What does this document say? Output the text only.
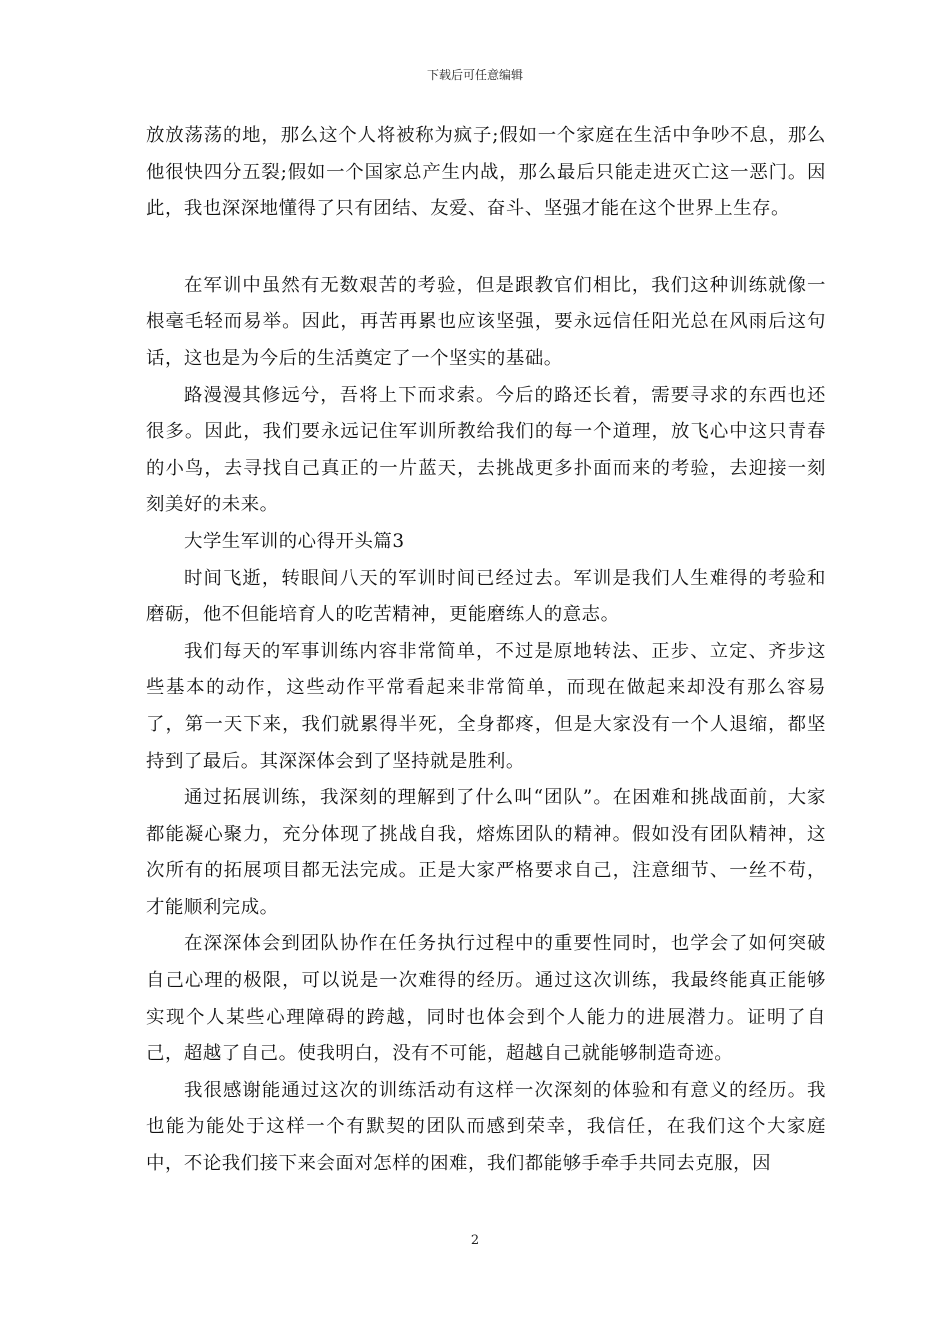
下载后可任意编辑

放放荡荡的地，那么这个人将被称为疯子;假如一个家庭在生活中争吵不息，那么他很快四分五裂;假如一个国家总产生内战，那么最后只能走进灭亡这一恶门。因此，我也深深地懂得了只有团结、友爱、奋斗、坚强才能在这个世界上生存。

在军训中虽然有无数艰苦的考验，但是跟教官们相比，我们这种训练就像一根毫毛轻而易举。因此，再苦再累也应该坚强，要永远信任阳光总在风雨后这句话，这也是为今后的生活奠定了一个坚实的基础。

路漫漫其修远兮，吾将上下而求索。今后的路还长着，需要寻求的东西也还很多。因此，我们要永远记住军训所教给我们的每一个道理，放飞心中这只青春的小鸟，去寻找自己真正的一片蓝天，去挑战更多扑面而来的考验，去迎接一刻刻美好的未来。

大学生军训的心得开头篇3

时间飞逝，转眼间八天的军训时间已经过去。军训是我们人生难得的考验和磨砺，他不但能培育人的吃苦精神，更能磨练人的意志。

我们每天的军事训练内容非常简单，不过是原地转法、正步、立定、齐步这些基本的动作，这些动作平常看起来非常简单，而现在做起来却没有那么容易了，第一天下来，我们就累得半死，全身都疼，但是大家没有一个人退缩，都坚持到了最后。其深深体会到了坚持就是胜利。

通过拓展训练，我深刻的理解到了什么叫“团队”。在困难和挑战面前，大家都能凝心聚力，充分体现了挑战自我，熔炼团队的精神。假如没有团队精神，这次所有的拓展项目都无法完成。正是大家严格要求自己，注意细节、一丝不苟，才能顺利完成。

在深深体会到团队协作在任务执行过程中的重要性同时，也学会了如何突破自己心理的极限，可以说是一次难得的经历。通过这次训练，我最终能真正能够实现个人某些心理障碍的跨越，同时也体会到个人能力的进展潜力。证明了自己，超越了自己。使我明白，没有不可能，超越自己就能够制造奇迹。

我很感谢能通过这次的训练活动有这样一次深刻的体验和有意义的经历。我也能为能处于这样一个有默契的团队而感到荣幸，我信任，在我们这个大家庭中，不论我们接下来会面对怎样的困难，我们都能够手牵手共同去克服，因

2
